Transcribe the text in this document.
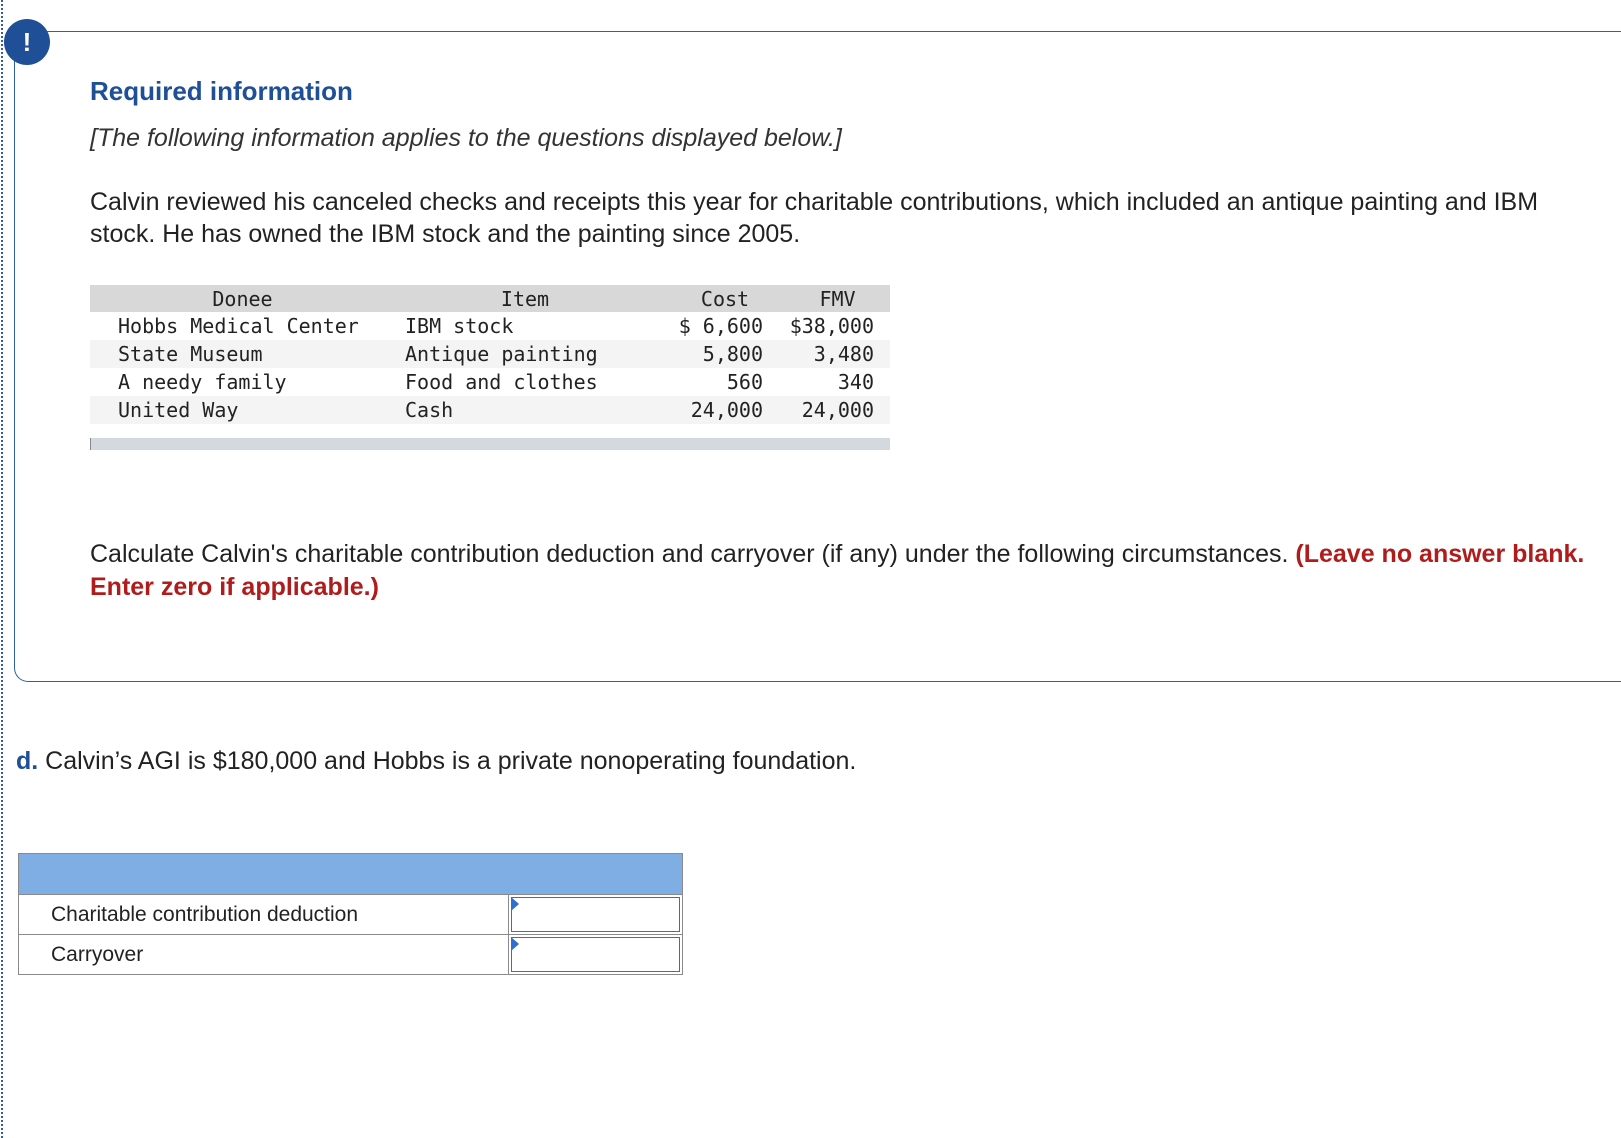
!
Required information
[The following information applies to the questions displayed below.]
Calvin reviewed his canceled checks and receipts this year for charitable contributions, which included an antique painting and IBM stock. He has owned the IBM stock and the painting since 2005.
Donee	Item	Cost	FMV
Hobbs Medical Center	IBM stock	$ 6,600	$38,000
State Museum	Antique painting	5,800	3,480
A needy family	Food and clothes	560	340
United Way	Cash	24,000	24,000
Calculate Calvin's charitable contribution deduction and carryover (if any) under the following circumstances. (Leave no answer blank. Enter zero if applicable.)
d. Calvin’s AGI is $180,000 and Hobbs is a private nonoperating foundation.
Charitable contribution deduction
Carryover
